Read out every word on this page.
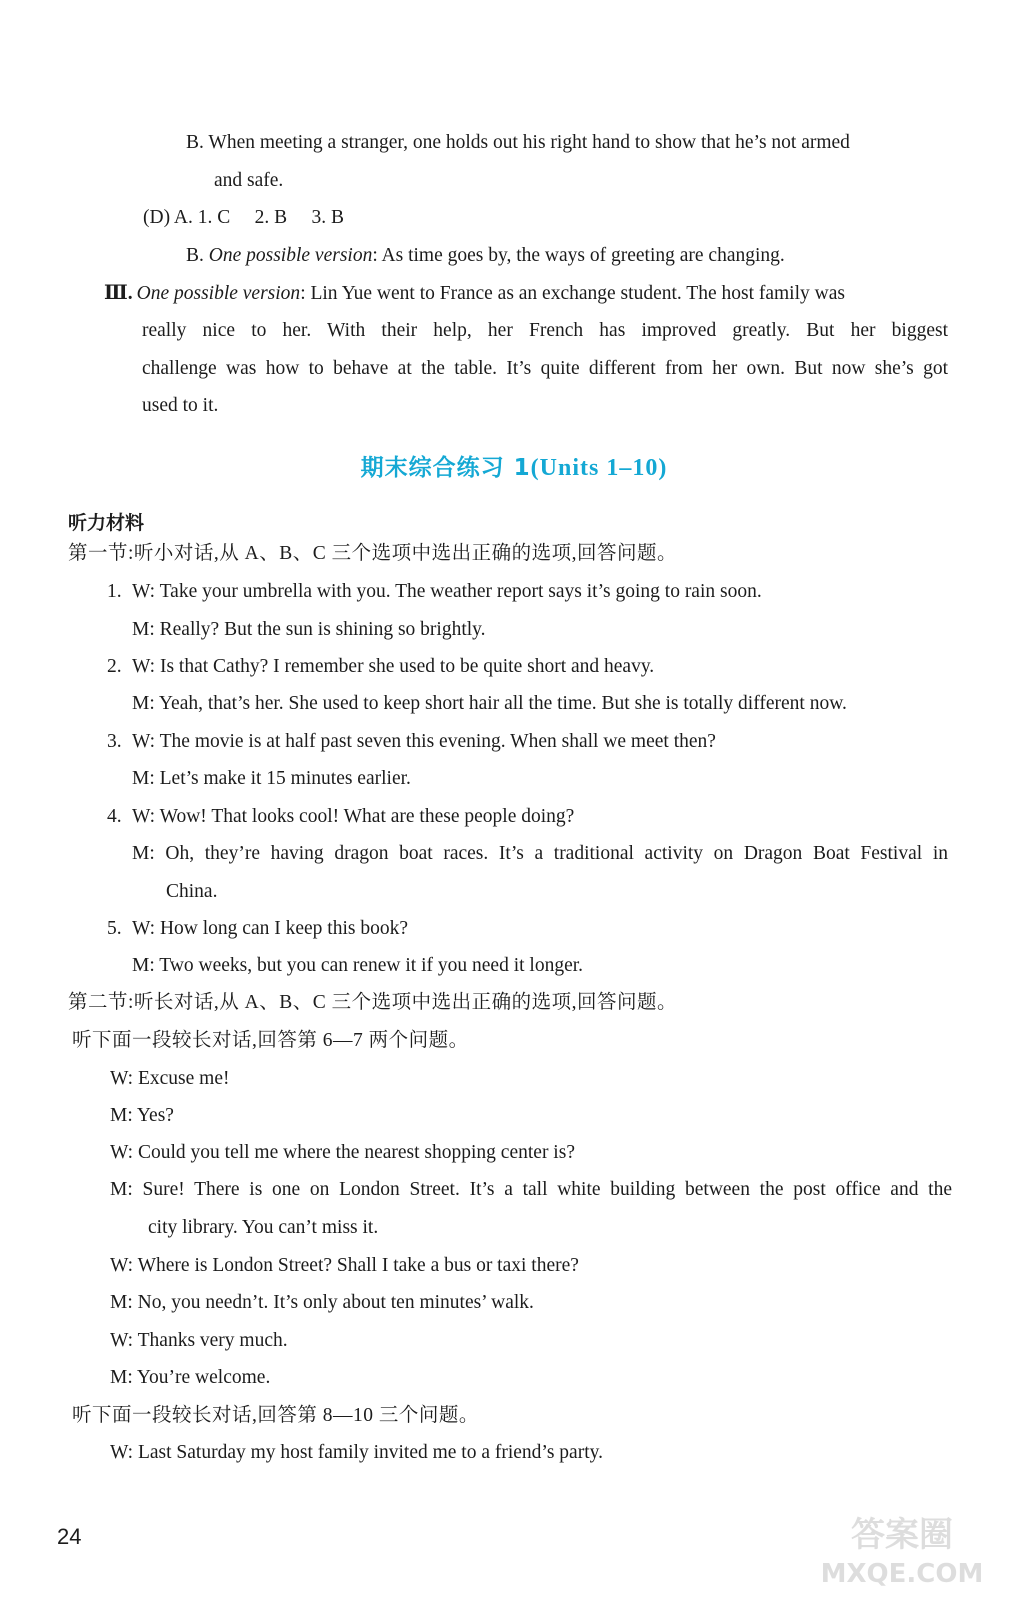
B. When meeting a stranger, one holds out his right hand to show that he’s not armed
and safe.
(D) A. 1. C     2. B     3. B
B. One possible version: As time goes by, the ways of greeting are changing.
Ⅲ. One possible version: Lin Yue went to France as an exchange student. The host family was
really nice to her. With their help, her French has improved greatly. But her biggest
challenge was how to behave at the table. It’s quite different from her own. But now she’s got
used to it.
期末综合练习 1(Units 1–10)
听力材料
第一节:听小对话,从 A、B、C 三个选项中选出正确的选项,回答问题。
1. W: Take your umbrella with you. The weather report says it’s going to rain soon.
M: Really? But the sun is shining so brightly.
2. W: Is that Cathy? I remember she used to be quite short and heavy.
M: Yeah, that’s her. She used to keep short hair all the time. But she is totally different now.
3. W: The movie is at half past seven this evening. When shall we meet then?
M: Let’s make it 15 minutes earlier.
4. W: Wow! That looks cool! What are these people doing?
M: Oh, they’re having dragon boat races. It’s a traditional activity on Dragon Boat Festival in
China.
5. W: How long can I keep this book?
M: Two weeks, but you can renew it if you need it longer.
第二节:听长对话,从 A、B、C 三个选项中选出正确的选项,回答问题。
听下面一段较长对话,回答第 6—7 两个问题。
W: Excuse me!
M: Yes?
W: Could you tell me where the nearest shopping center is?
M: Sure! There is one on London Street. It’s a tall white building between the post office and the
city library. You can’t miss it.
W: Where is London Street? Shall I take a bus or taxi there?
M: No, you needn’t. It’s only about ten minutes’ walk.
W: Thanks very much.
M: You’re welcome.
听下面一段较长对话,回答第 8—10 三个问题。
W: Last Saturday my host family invited me to a friend’s party.
24	答案圈
MXQE.COM
